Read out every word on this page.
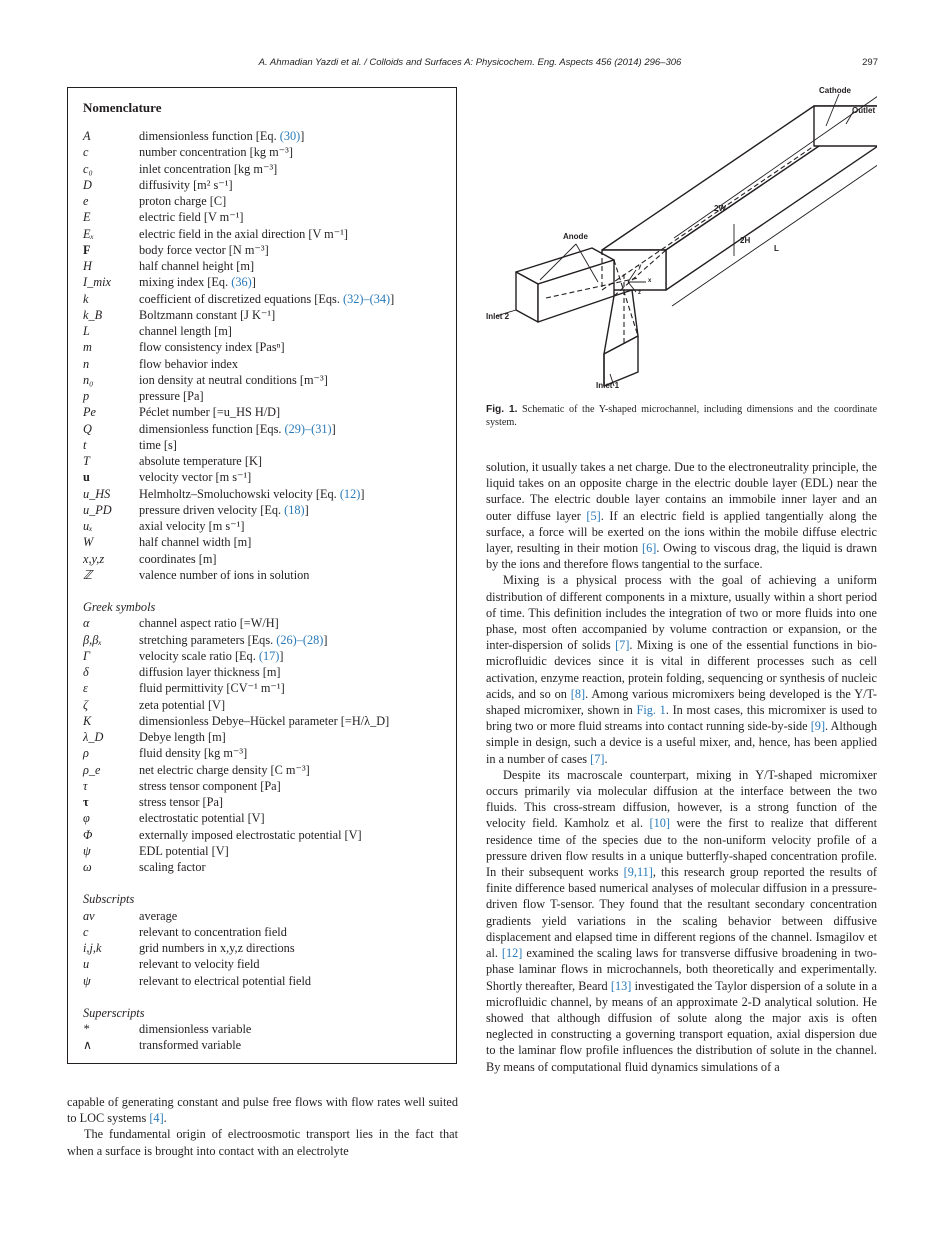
A. Ahmadian Yazdi et al. / Colloids and Surfaces A: Physicochem. Eng. Aspects 456 (2014) 296–306	297
Nomenclature
A	dimensionless function [Eq. (30)]
c	number concentration [kg m⁻³]
c₀	inlet concentration [kg m⁻³]
D	diffusivity [m² s⁻¹]
e	proton charge [C]
E	electric field [V m⁻¹]
Eₓ	electric field in the axial direction [V m⁻¹]
F	body force vector [N m⁻³]
H	half channel height [m]
I_mix	mixing index [Eq. (36)]
k	coefficient of discretized equations [Eqs. (32)–(34)]
k_B	Boltzmann constant [J K⁻¹]
L	channel length [m]
m	flow consistency index [Pasⁿ]
n	flow behavior index
n₀	ion density at neutral conditions [m⁻³]
p	pressure [Pa]
Pe	Péclet number [=u_HS H/D]
Q	dimensionless function [Eqs. (29)–(31)]
t	time [s]
T	absolute temperature [K]
u	velocity vector [m s⁻¹]
u_HS	Helmholtz–Smoluchowski velocity [Eq. (12)]
u_PD	pressure driven velocity [Eq. (18)]
uₓ	axial velocity [m s⁻¹]
W	half channel width [m]
x,y,z	coordinates [m]
ℤ	valence number of ions in solution
Greek symbols
α	channel aspect ratio [=W/H]
β,βₓ	stretching parameters [Eqs. (26)–(28)]
Γ	velocity scale ratio [Eq. (17)]
δ	diffusion layer thickness [m]
ε	fluid permittivity [CV⁻¹ m⁻¹]
ζ	zeta potential [V]
K	dimensionless Debye–Hückel parameter [=H/λ_D]
λ_D	Debye length [m]
ρ	fluid density [kg m⁻³]
ρ_e	net electric charge density [C m⁻³]
τ	stress tensor component [Pa]
τ	stress tensor [Pa]
φ	electrostatic potential [V]
Φ	externally imposed electrostatic potential [V]
ψ	EDL potential [V]
ω	scaling factor
Subscripts
av	average
c	relevant to concentration field
i,j,k	grid numbers in x,y,z directions
u	relevant to velocity field
ψ	relevant to electrical potential field
Superscripts
*	dimensionless variable
∧	transformed variable
Cathode
Outlet
Anode
Inlet 2
Inlet 1
2W
2H
L
y
x
z
Fig. 1. Schematic of the Y-shaped microchannel, including dimensions and the coordinate system.

solution, it usually takes a net charge. Due to the electroneutrality principle, the liquid takes on an opposite charge in the electric double layer (EDL) near the surface. The electric double layer contains an immobile inner layer and an outer diffuse layer [5]. If an electric field is applied tangentially along the surface, a force will be exerted on the ions within the mobile diffuse electric layer, resulting in their motion [6]. Owing to viscous drag, the liquid is drawn by the ions and therefore flows tangential to the surface.

Mixing is a physical process with the goal of achieving a uniform distribution of different components in a mixture, usually within a short period of time. This definition includes the integration of two or more fluids into one phase, most often accompanied by volume contraction or expansion, or the inter-dispersion of solids [7]. Mixing is one of the essential functions in bio-microfluidic devices since it is vital in different processes such as cell activation, enzyme reaction, protein folding, sequencing or synthesis of nucleic acids, and so on [8]. Among various micromixers being developed is the Y/T-shaped micromixer, shown in Fig. 1. In most cases, this micromixer is used to bring two or more fluid streams into contact running side-by-side [9]. Although simple in design, such a device is a useful mixer, and, hence, has been applied in a number of cases [7].

Despite its macroscale counterpart, mixing in Y/T-shaped micromixer occurs primarily via molecular diffusion at the interface between the two fluids. This cross-stream diffusion, however, is a strong function of the velocity field. Kamholz et al. [10] were the first to realize that different residence time of the species due to the non-uniform velocity profile of a pressure driven flow results in a unique butterfly-shaped concentration profile. In their subsequent works [9,11], this research group reported the results of finite difference based numerical analyses of molecular diffusion in a pressure-driven flow T-sensor. They found that the resultant secondary concentration gradients yield variations in the scaling behavior between diffusive displacement and elapsed time in different regions of the channel. Ismagilov et al. [12] examined the scaling laws for transverse diffusive broadening in two-phase laminar flows in microchannels, both theoretically and experimentally. Shortly thereafter, Beard [13] investigated the Taylor dispersion of a solute in a microfluidic channel, by means of an approximate 2-D analytical solution. He showed that although diffusion of solute along the major axis is often neglected in constructing a governing transport equation, axial dispersion due to the laminar flow profile influences the distribution of solute in the channel. By means of computational fluid dynamics simulations of a

capable of generating constant and pulse free flows with flow rates well suited to LOC systems [4].

The fundamental origin of electroosmotic transport lies in the fact that when a surface is brought into contact with an electrolyte
